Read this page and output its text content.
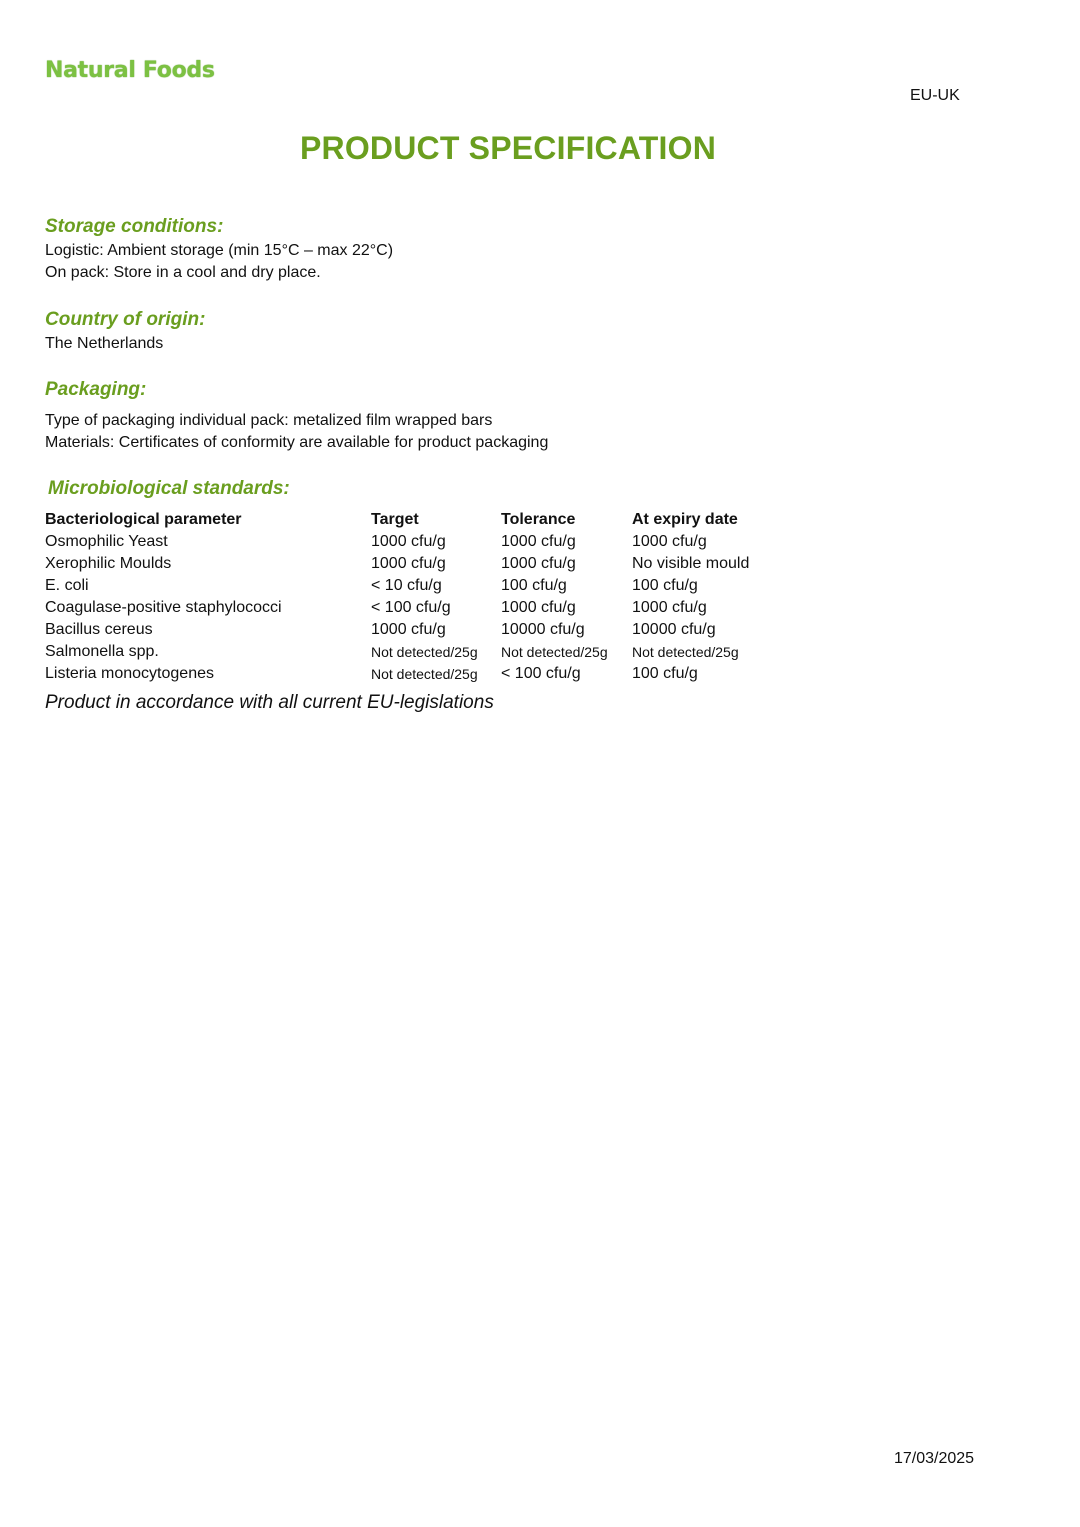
Natural Foods
EU-UK
PRODUCT SPECIFICATION
Storage conditions:
Logistic: Ambient storage (min 15°C – max 22°C)
On pack: Store in a cool and dry place.
Country of origin:
The Netherlands
Packaging:
Type of packaging individual pack: metalized film wrapped bars
Materials: Certificates of conformity are available for product packaging
Microbiological standards:
Bacteriological parameter	Target	Tolerance	At expiry date
Osmophilic Yeast	1000 cfu/g	1000 cfu/g	1000 cfu/g
Xerophilic Moulds	1000 cfu/g	1000 cfu/g	No visible mould
E. coli	< 10 cfu/g	100 cfu/g	100 cfu/g
Coagulase-positive staphylococci	< 100 cfu/g	1000 cfu/g	1000 cfu/g
Bacillus cereus	1000 cfu/g	10000 cfu/g	10000 cfu/g
Salmonella spp.	Not detected/25g	Not detected/25g	Not detected/25g
Listeria monocytogenes	Not detected/25g	< 100 cfu/g	100 cfu/g
Product in accordance with all current EU-legislations
17/03/2025
